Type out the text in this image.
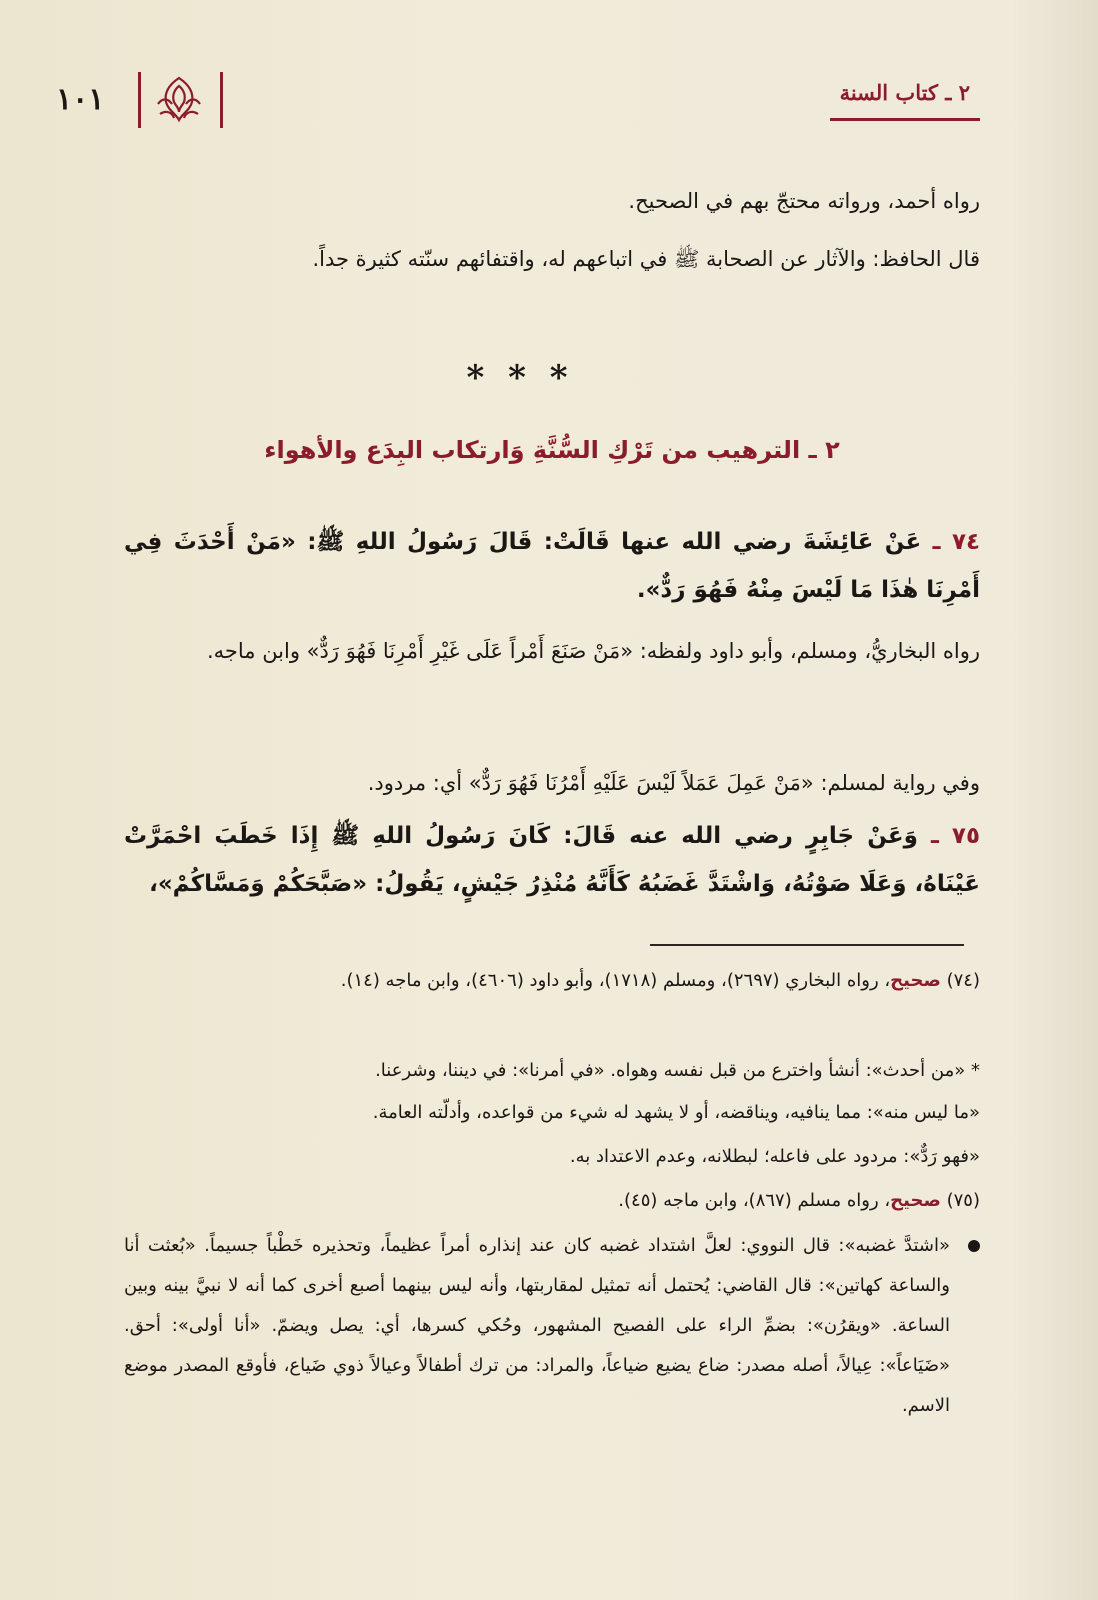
١٠١	٢ ـ كتاب السنة
رواه أحمد، ورواته محتجّ بهم في الصحيح.
قال الحافظ: والآثار عن الصحابة ﷺ في اتباعهم له، واقتفائهم سنّته كثيرة جداً.
* * *
٢ ـ الترهيب من تَرْكِ السُّنَّةِ وَارتكاب البِدَع والأهواء
٧٤ ـ عَنْ عَائِشَةَ رضي الله عنها قَالَتْ: قَالَ رَسُولُ اللهِ ﷺ: «مَنْ أَحْدَثَ فِي أَمْرِنَا هٰذَا مَا لَيْسَ مِنْهُ فَهُوَ رَدٌّ».
رواه البخاريُّ، ومسلم، وأبو داود ولفظه: «مَنْ صَنَعَ أَمْراً عَلَى غَيْرِ أَمْرِنَا فَهُوَ رَدٌّ» وابن ماجه.
وفي رواية لمسلم: «مَنْ عَمِلَ عَمَلاً لَيْسَ عَلَيْهِ أَمْرُنَا فَهُوَ رَدٌّ» أي: مردود.
٧٥ ـ وَعَنْ جَابِرٍ رضي الله عنه قَالَ: كَانَ رَسُولُ اللهِ ﷺ إِذَا خَطَبَ احْمَرَّتْ عَيْنَاهُ، وَعَلَا صَوْتُهُ، وَاشْتَدَّ غَضَبُهُ كَأَنَّهُ مُنْذِرُ جَيْشٍ، يَقُولُ: «صَبَّحَكُمْ وَمَسَّاكُمْ»،
(٧٤) صحيح، رواه البخاري (٢٦٩٧)، ومسلم (١٧١٨)، وأبو داود (٤٦٠٦)، وابن ماجه (١٤).
* «من أحدث»: أنشأ واخترع من قبل نفسه وهواه. «في أمرنا»: في ديننا، وشرعنا.
«ما ليس منه»: مما ينافيه، ويناقضه، أو لا يشهد له شيء من قواعده، وأدلّته العامة.
«فهو رَدٌّ»: مردود على فاعله؛ لبطلانه، وعدم الاعتداد به.
(٧٥) صحيح، رواه مسلم (٨٦٧)، وابن ماجه (٤٥).
«اشتدَّ غضبه»: قال النووي: لعلَّ اشتداد غضبه كان عند إنذاره أمراً عظيماً، وتحذيره خَطْباً جسيماً. «بُعثت أنا والساعة كهاتين»: قال القاضي: يُحتمل أنه تمثيل لمقاربتها، وأنه ليس بينهما أصبع أخرى كما أنه لا نبيَّ بينه وبين الساعة. «ويقرُن»: بضمِّ الراء على الفصيح المشهور، وحُكي كسرها، أي: يصل ويضمّ. «أنا أولى»: أحق. «ضَيَاعاً»: عِيالاً، أصله مصدر: ضاع يضيع ضياعاً، والمراد: من ترك أطفالاً وعيالاً ذوي ضَياع، فأوقع المصدر موضع الاسم.
